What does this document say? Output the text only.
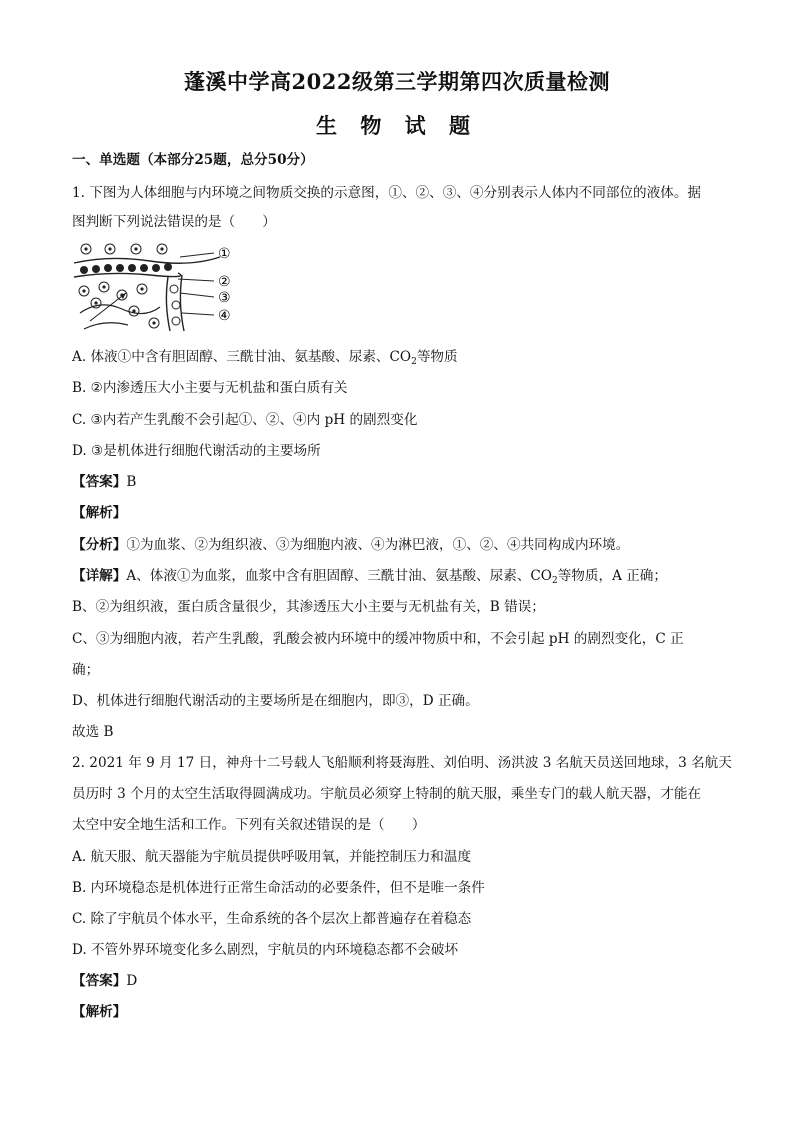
蓬溪中学高2022级第三学期第四次质量检测
生 物 试 题
一、单选题（本部分25题，总分50分）
1. 下图为人体细胞与内环境之间物质交换的示意图，①、②、③、④分别表示人体内不同部位的液体。据
图判断下列说法错误的是（　　）
①
②
③
④
A. 体液①中含有胆固醇、三酰甘油、氨基酸、尿素、$CO_2$等物质
B. ②内渗透压大小主要与无机盐和蛋白质有关
C. ③内若产生乳酸不会引起①、②、④内 pH 的剧烈变化
D. ③是机体进行细胞代谢活动的主要场所
【答案】B
【解析】
【分析】①为血浆、②为组织液、③为细胞内液、④为淋巴液，①、②、④共同构成内环境。
【详解】A、体液①为血浆，血浆中含有胆固醇、三酰甘油、氨基酸、尿素、$CO_2$等物质，A 正确；
B、②为组织液，蛋白质含量很少，其渗透压大小主要与无机盐有关，B 错误；
C、③为细胞内液，若产生乳酸，乳酸会被内环境中的缓冲物质中和，不会引起 pH 的剧烈变化，C 正
确；
D、机体进行细胞代谢活动的主要场所是在细胞内，即③，D 正确。
故选 B
2. 2021 年 9 月 17 日，神舟十二号载人飞船顺利将聂海胜、刘伯明、汤洪波 3 名航天员送回地球，3 名航天
员历时 3 个月的太空生活取得圆满成功。宇航员必须穿上特制的航天服，乘坐专门的载人航天器，才能在
太空中安全地生活和工作。下列有关叙述错误的是（　　）
A. 航天服、航天器能为宇航员提供呼吸用氧，并能控制压力和温度
B. 内环境稳态是机体进行正常生命活动的必要条件，但不是唯一条件
C. 除了宇航员个体水平，生命系统的各个层次上都普遍存在着稳态
D. 不管外界环境变化多么剧烈，宇航员的内环境稳态都不会破坏
【答案】D
【解析】
